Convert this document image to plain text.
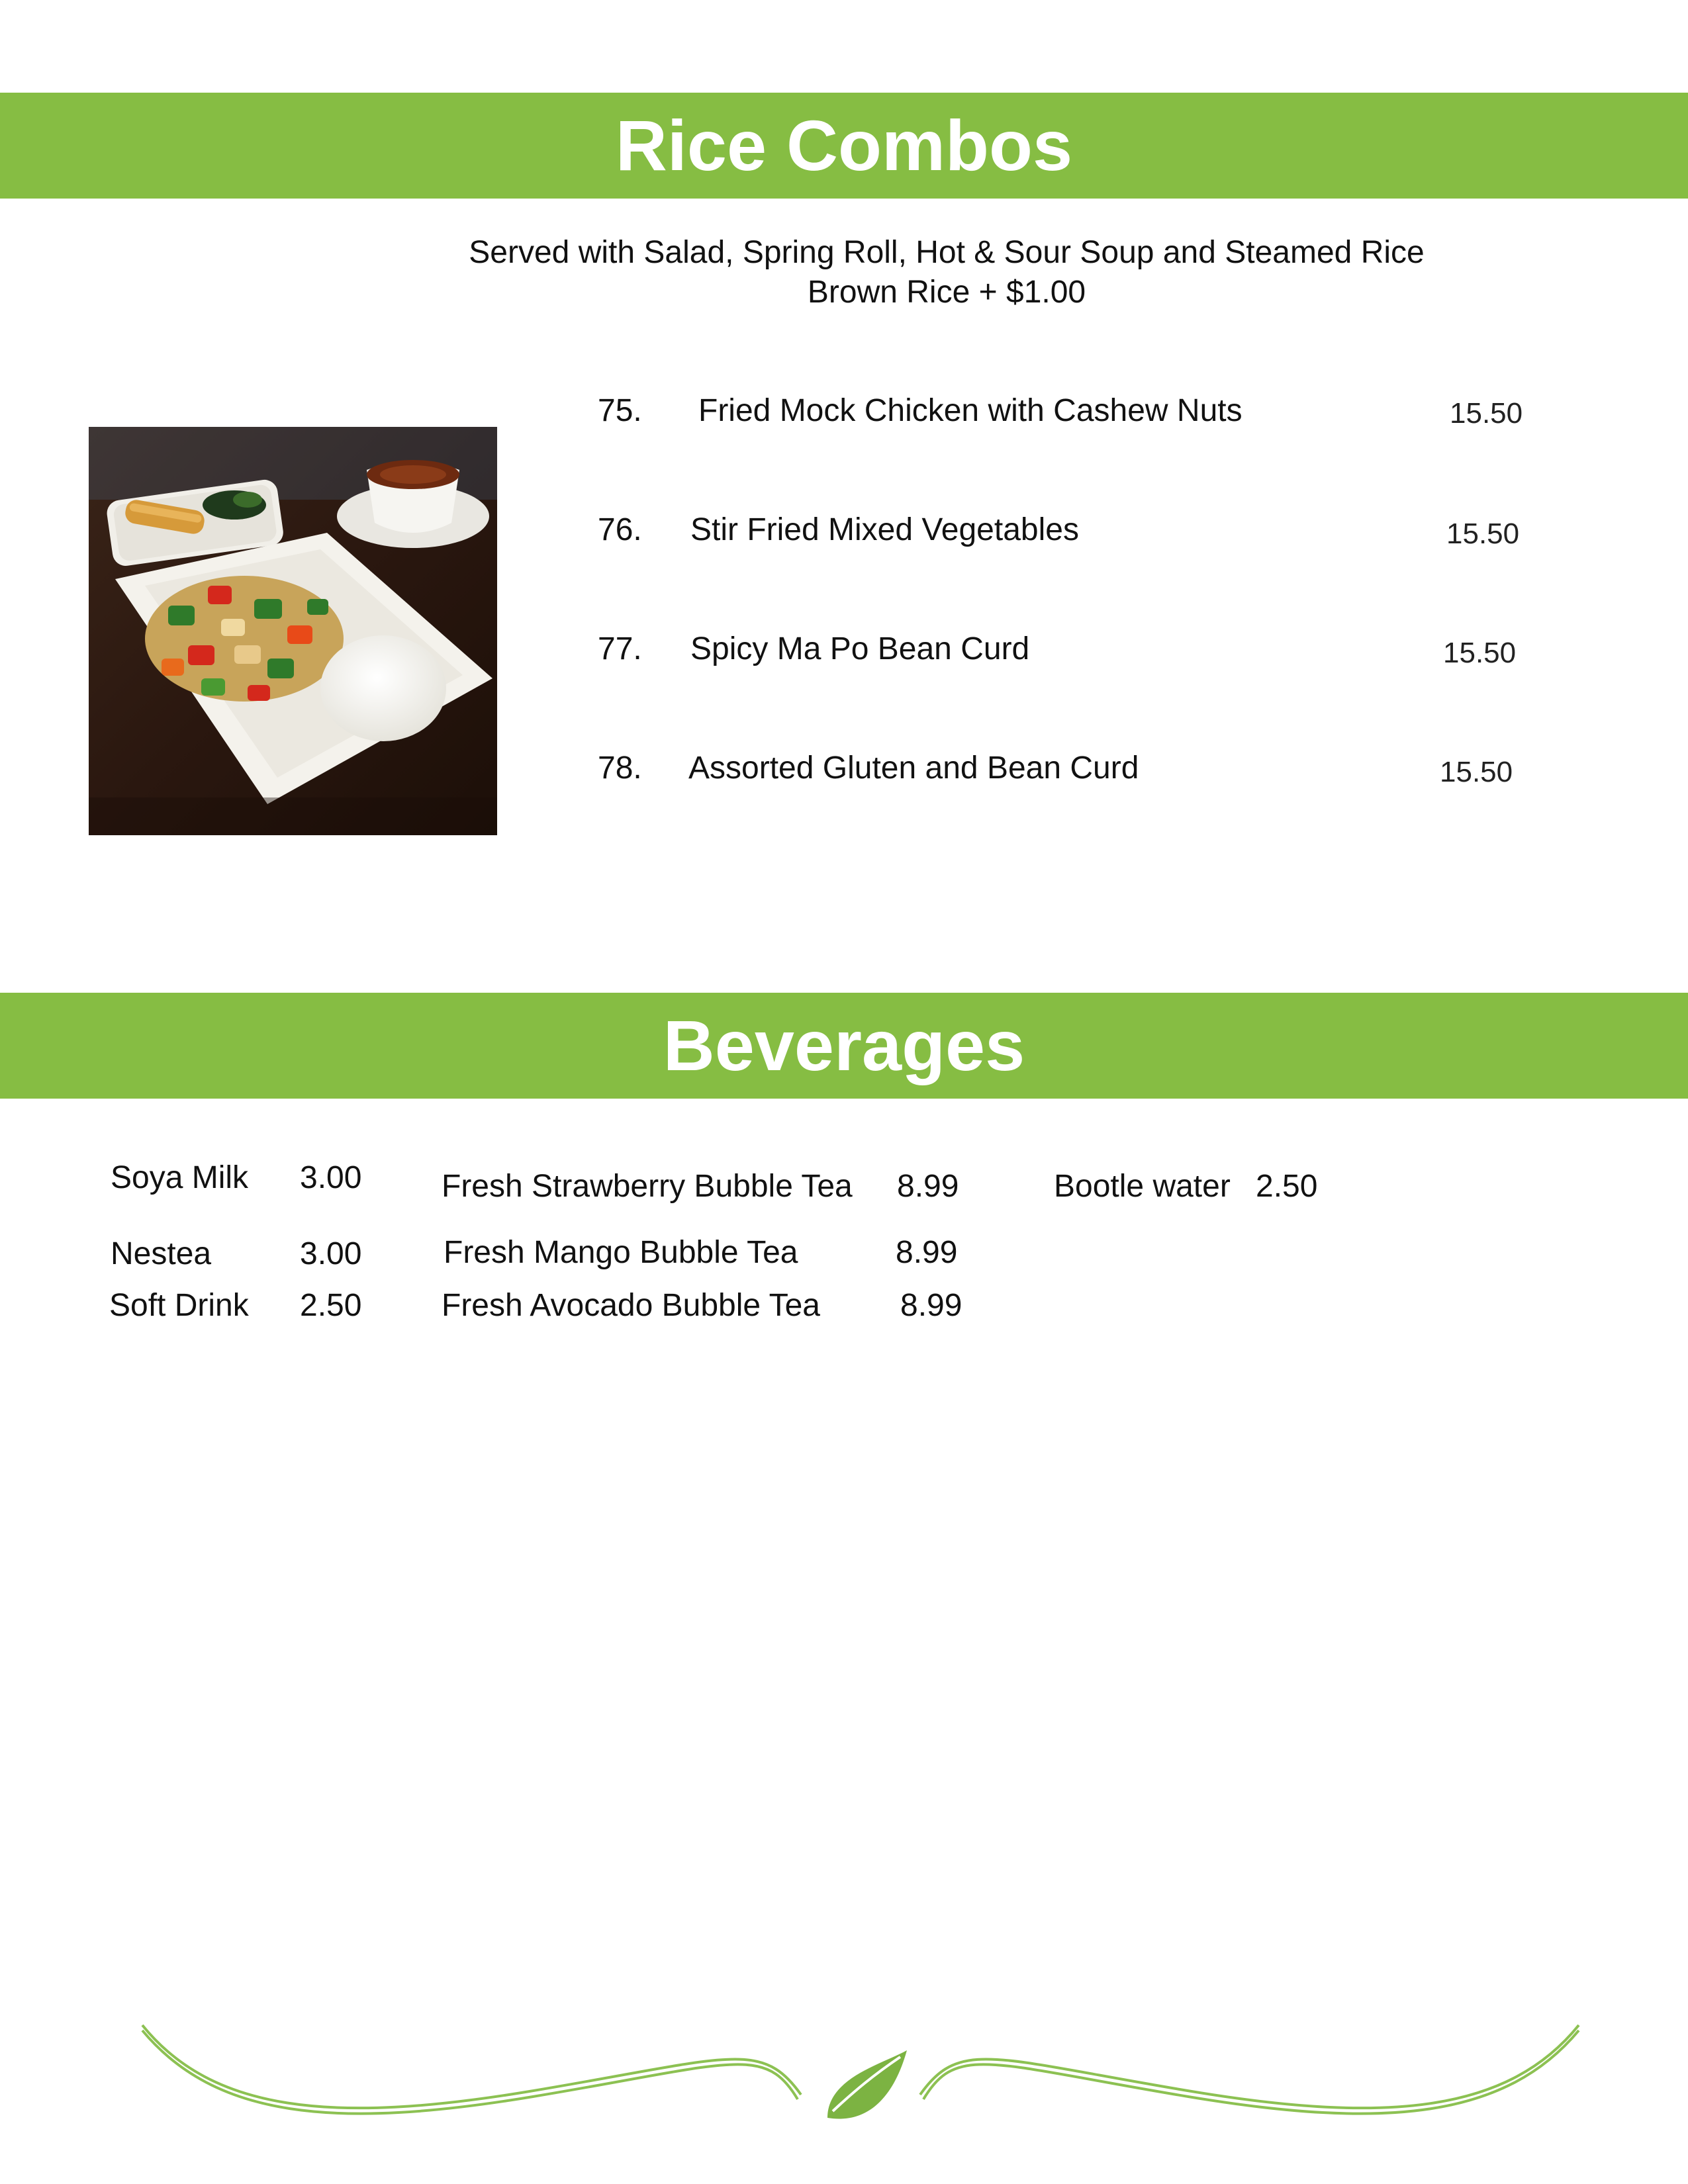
Rice Combos
Served with Salad, Spring Roll, Hot & Sour Soup and Steamed Rice
Brown Rice + $1.00
75. Fried Mock Chicken with Cashew Nuts	15.50
76. Stir Fried Mixed Vegetables	15.50
77. Spicy Ma Po Bean Curd	15.50
78. Assorted Gluten and Bean Curd	15.50
Beverages
Soya Milk 3.00
Nestea	3.00
Soft Drink 2.50
Fresh Strawberry Bubble Tea 8.99
Fresh Mango Bubble Tea	8.99
Fresh Avocado Bubble Tea	8.99
Bootle water 2.50
